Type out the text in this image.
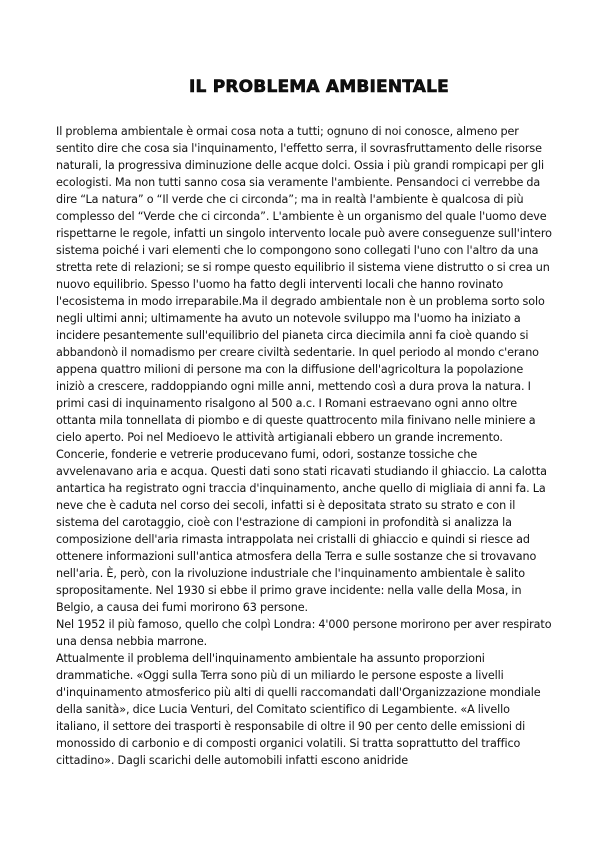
IL PROBLEMA AMBIENTALE

Il problema ambientale è ormai cosa nota a tutti; ognuno di noi conosce, almeno per sentito dire che cosa sia l'inquinamento, l'effetto serra, il sovrasfruttamento delle risorse naturali, la progressiva diminuzione delle acque dolci. Ossia i più grandi rompicapi per gli ecologisti. Ma non tutti sanno cosa sia veramente l'ambiente. Pensandoci ci verrebbe da dire “La natura” o “Il verde che ci circonda”; ma in realtà l'ambiente è qualcosa di più complesso del “Verde che ci circonda”. L'ambiente è un organismo del quale l'uomo deve rispettarne le regole, infatti un singolo intervento locale può avere conseguenze sull'intero sistema poiché i vari elementi che lo compongono sono collegati l'uno con l'altro da una stretta rete di relazioni; se si rompe questo equilibrio il sistema viene distrutto o si crea un nuovo equilibrio. Spesso l'uomo ha fatto degli interventi locali che hanno rovinato l'ecosistema in modo irreparabile.Ma il degrado ambientale non è un problema sorto solo negli ultimi anni; ultimamente ha avuto un notevole sviluppo ma l'uomo ha iniziato a incidere pesantemente sull'equilibrio del pianeta circa diecimila anni fa cioè quando si abbandonò il nomadismo per creare civiltà sedentarie. In quel periodo al mondo c'erano appena quattro milioni di persone ma con la diffusione dell'agricoltura la popolazione iniziò a crescere, raddoppiando ogni mille anni, mettendo così a dura prova la natura. I primi casi di inquinamento risalgono al 500 a.c. I Romani estraevano ogni anno oltre ottanta mila tonnellata di piombo e di queste quattrocento mila finivano nelle miniere a cielo aperto. Poi nel Medioevo le attività artigianali ebbero un grande incremento. Concerie, fonderie e vetrerie producevano fumi, odori, sostanze tossiche che avvelenavano aria e acqua. Questi dati sono stati ricavati studiando il ghiaccio. La calotta antartica ha registrato ogni traccia d'inquinamento, anche quello di migliaia di anni fa. La neve che è caduta nel corso dei secoli, infatti si è depositata strato su strato e con il sistema del carotaggio, cioè con l'estrazione di campioni in profondità si analizza la composizione dell'aria rimasta intrappolata nei cristalli di ghiaccio e quindi si riesce ad ottenere informazioni sull'antica atmosfera della Terra e sulle sostanze che si trovavano nell'aria. È, però, con la rivoluzione industriale che l'inquinamento ambientale è salito spropositamente. Nel 1930 si ebbe il primo grave incidente: nella valle della Mosa, in Belgio, a causa dei fumi morirono 63 persone.

Nel 1952 il più famoso, quello che colpì Londra: 4'000 persone morirono per aver respirato una densa nebbia marrone.

Attualmente il problema dell'inquinamento ambientale ha assunto proporzioni drammatiche. «Oggi sulla Terra sono più di un miliardo le persone esposte a livelli d'inquinamento atmosferico più alti di quelli raccomandati dall'Organizzazione mondiale della sanità», dice Lucia Venturi, del Comitato scientifico di Legambiente. «A livello italiano, il settore dei trasporti è responsabile di oltre il 90 per cento delle emissioni di monossido di carbonio e di composti organici volatili. Si tratta soprattutto del traffico cittadino». Dagli scarichi delle automobili infatti escono anidride
